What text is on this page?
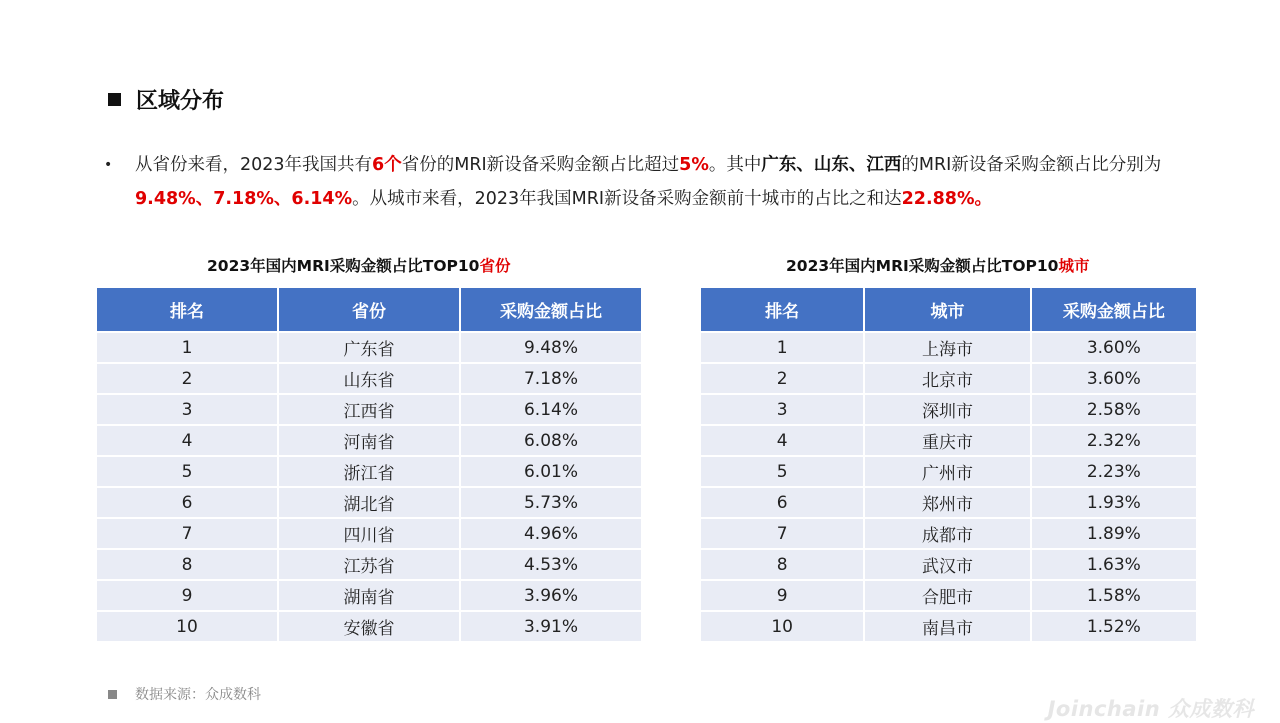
区域分布
• 从省份来看，2023年我国共有6个省份的MRI新设备采购金额占比超过5%。其中广东、山东、江西的MRI新设备采购金额占比分别为9.48%、7.18%、6.14%。从城市来看，2023年我国MRI新设备采购金额前十城市的占比之和达22.88%。
2023年国内MRI采购金额占比TOP10省份
排名	省份	采购金额占比
1	广东省	9.48%
2	山东省	7.18%
3	江西省	6.14%
4	河南省	6.08%
5	浙江省	6.01%
6	湖北省	5.73%
7	四川省	4.96%
8	江苏省	4.53%
9	湖南省	3.96%
10	安徽省	3.91%
2023年国内MRI采购金额占比TOP10城市
排名	城市	采购金额占比
1	上海市	3.60%
2	北京市	3.60%
3	深圳市	2.58%
4	重庆市	2.32%
5	广州市	2.23%
6	郑州市	1.93%
7	成都市	1.89%
8	武汉市	1.63%
9	合肥市	1.58%
10	南昌市	1.52%
数据来源：众成数科
Joinchain 众成数科
